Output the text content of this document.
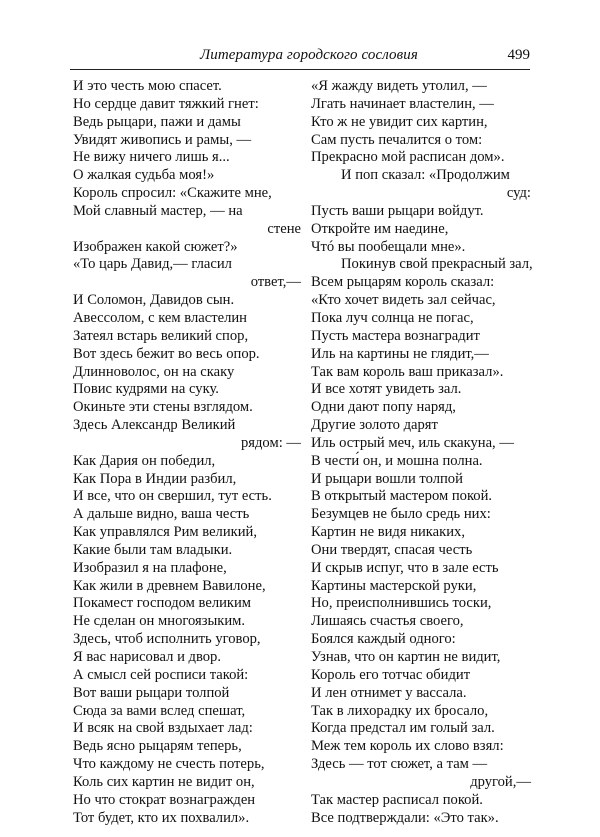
Литература городского сословия	499
И это честь мою спасет.
Но сердце давит тяжкий гнет:
Ведь рыцари, пажи и дамы
Увидят живопись и рамы, —
Не вижу ничего лишь я...
О жалкая судьба моя!»
Король спросил: «Скажите мне,
Мой славный мастер, — на
стене
Изображен какой сюжет?»
«То царь Давид,— гласил
ответ,—
И Соломон, Давидов сын.
Авессолом, с кем властелин
Затеял встарь великий спор,
Вот здесь бежит во весь опор.
Длинноволос, он на скаку
Повис кудрями на суку.
Окиньте эти стены взглядом.
Здесь Александр Великий
рядом: —
Как Дария он победил,
Как Пора в Индии разбил,
И все, что он свершил, тут есть.
А дальше видно, ваша честь
Как управлялся Рим великий,
Какие были там владыки.
Изобразил я на плафоне,
Как жили в древнем Вавилоне,
Покамест господом великим
Не сделан он многоязыким.
Здесь, чтоб исполнить уговор,
Я вас нарисовал и двор.
А смысл сей росписи такой:
Вот ваши рыцари толпой
Сюда за вами вслед спешат,
И всяк на свой вздыхает лад:
Ведь ясно рыцарям теперь,
Что каждому не счесть потерь,
Коль сих картин не видит он,
Но что стократ вознагражден
Тот будет, кто их похвалил».
«Я жажду видеть утолил, —
Лгать начинает властелин, —
Кто ж не увидит сих картин,
Сам пусть печалится о том:
Прекрасно мой расписан дом».
И поп сказал: «Продолжим
суд:
Пусть ваши рыцари войдут.
Откройте им наедине,
Чтó вы пообещали мне».
Покинув свой прекрасный зал,
Всем рыцарям король сказал:
«Кто хочет видеть зал сейчас,
Пока луч солнца не погас,
Пусть мастера вознаградит
Иль на картины не глядит,—
Так вам король ваш приказал».
И все хотят увидеть зал.
Одни дают попу наряд,
Другие золото дарят
Иль острый меч, иль скакуна, —
В чести́ он, и мошна полна.
И рыцари вошли толпой
В открытый мастером покой.
Безумцев не было средь них:
Картин не видя никаких,
Они твердят, спасая честь
И скрыв испуг, что в зале есть
Картины мастерской руки,
Но, преисполнившись тоски,
Лишаясь счастья своего,
Боялся каждый одного:
Узнав, что он картин не видит,
Король его тотчас обидит
И лен отнимет у вассала.
Так в лихорадку их бросало,
Когда предстал им голый зал.
Меж тем король их слово взял:
Здесь — тот сюжет, а там —
другой,—
Так мастер расписал покой.
Все подтверждали: «Это так».
